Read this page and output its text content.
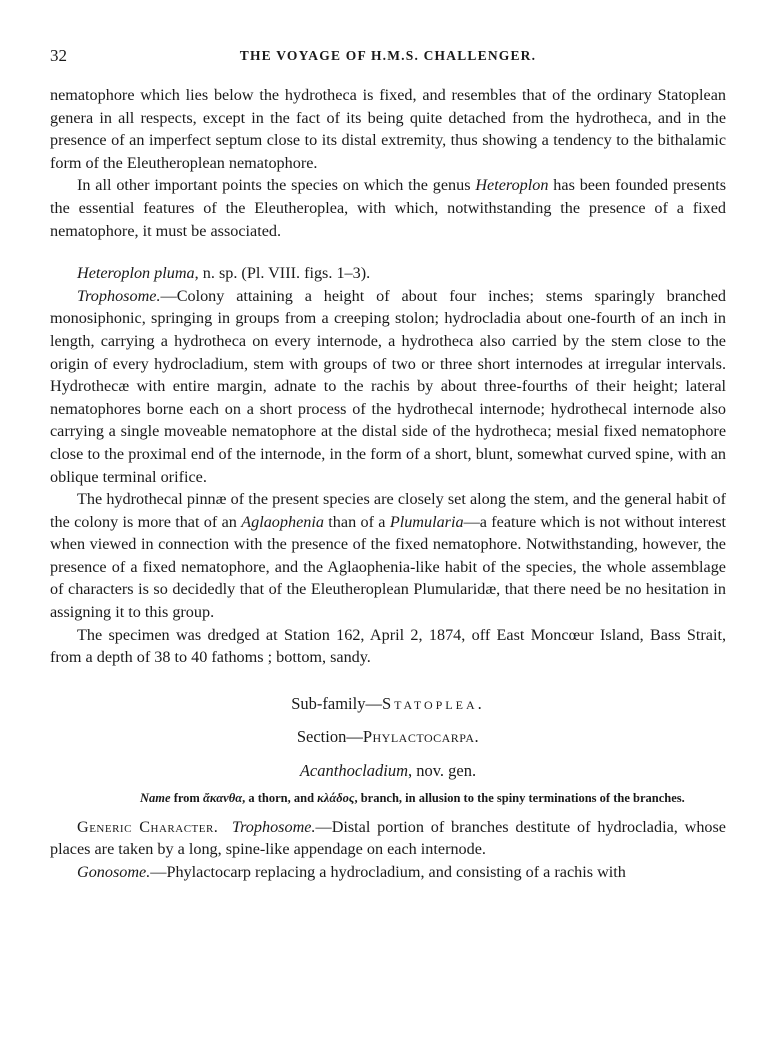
32	THE VOYAGE OF H.M.S. CHALLENGER.

nematophore which lies below the hydrotheca is fixed, and resembles that of the ordinary Statoplean genera in all respects, except in the fact of its being quite detached from the hydrotheca, and in the presence of an imperfect septum close to its distal extremity, thus showing a tendency to the bithalamic form of the Eleutheroplean nematophore.

In all other important points the species on which the genus Heteroplon has been founded presents the essential features of the Eleutheroplea, with which, notwithstanding the presence of a fixed nematophore, it must be associated.

Heteroplon pluma, n. sp. (Pl. VIII. figs. 1–3).

Trophosome.—Colony attaining a height of about four inches; stems sparingly branched monosiphonic, springing in groups from a creeping stolon; hydrocladia about one-fourth of an inch in length, carrying a hydrotheca on every internode, a hydrotheca also carried by the stem close to the origin of every hydrocladium, stem with groups of two or three short internodes at irregular intervals. Hydrothecæ with entire margin, adnate to the rachis by about three-fourths of their height; lateral nematophores borne each on a short process of the hydrothecal internode; hydrothecal internode also carrying a single moveable nematophore at the distal side of the hydrotheca; mesial fixed nematophore close to the proximal end of the internode, in the form of a short, blunt, somewhat curved spine, with an oblique terminal orifice.

The hydrothecal pinnæ of the present species are closely set along the stem, and the general habit of the colony is more that of an Aglaophenia than of a Plumularia—a feature which is not without interest when viewed in connection with the presence of the fixed nematophore. Notwithstanding, however, the presence of a fixed nematophore, and the Aglaophenia-like habit of the species, the whole assemblage of characters is so decidedly that of the Eleutheroplean Plumularidæ, that there need be no hesitation in assigning it to this group.

The specimen was dredged at Station 162, April 2, 1874, off East Moncœur Island, Bass Strait, from a depth of 38 to 40 fathoms ; bottom, sandy.

Sub-family—Statoplea.

Section—Phylactocarpa.

Acanthocladium, nov. gen.

Name from ἄκανθα, a thorn, and κλάδος, branch, in allusion to the spiny terminations of the branches.

Generic Character. Trophosome.—Distal portion of branches destitute of hydrocladia, whose places are taken by a long, spine-like appendage on each internode.

Gonosome.—Phylactocarp replacing a hydrocladium, and consisting of a rachis with
